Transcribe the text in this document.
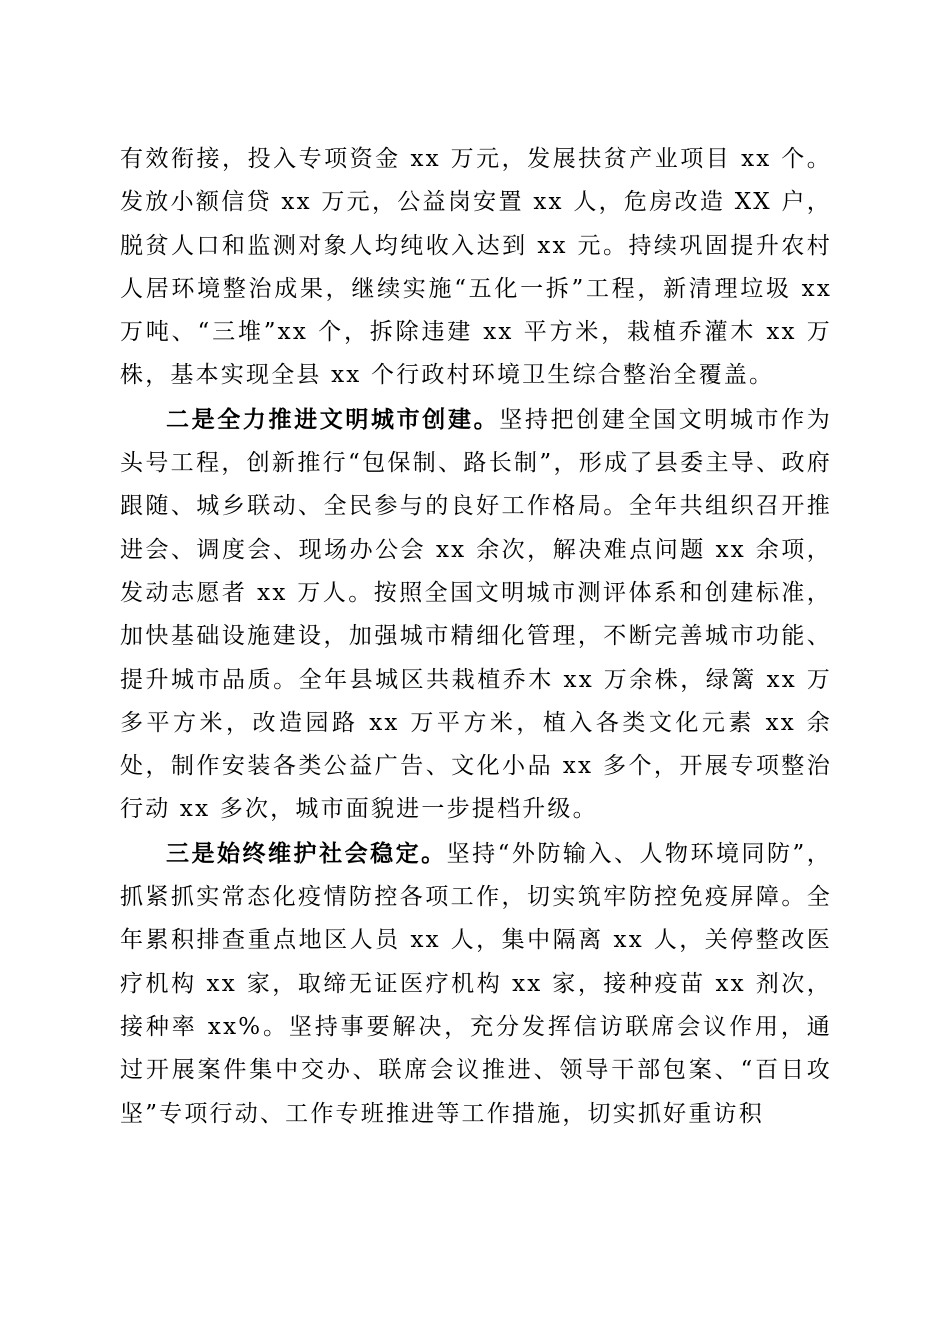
有效衔接，投入专项资金 xx 万元，发展扶贫产业项目 xx 个。发放小额信贷 xx 万元，公益岗安置 xx 人，危房改造 XX 户，脱贫人口和监测对象人均纯收入达到 xx 元。持续巩固提升农村人居环境整治成果，继续实施“五化一拆”工程，新清理垃圾 xx 万吨、“三堆”xx 个，拆除违建 xx 平方米，栽植乔灌木 xx 万株，基本实现全县 xx 个行政村环境卫生综合整治全覆盖。

二是全力推进文明城市创建。坚持把创建全国文明城市作为头号工程，创新推行“包保制、路长制”，形成了县委主导、政府跟随、城乡联动、全民参与的良好工作格局。全年共组织召开推进会、调度会、现场办公会 xx 余次，解决难点问题 xx 余项，发动志愿者 xx 万人。按照全国文明城市测评体系和创建标准，加快基础设施建设，加强城市精细化管理，不断完善城市功能、提升城市品质。全年县城区共栽植乔木 xx 万余株，绿篱 xx 万多平方米，改造园路 xx 万平方米，植入各类文化元素 xx 余处，制作安装各类公益广告、文化小品 xx 多个，开展专项整治行动 xx 多次，城市面貌进一步提档升级。

三是始终维护社会稳定。坚持“外防输入、人物环境同防”，抓紧抓实常态化疫情防控各项工作，切实筑牢防控免疫屏障。全年累积排查重点地区人员 xx 人，集中隔离 xx 人，关停整改医疗机构 xx 家，取缔无证医疗机构 xx 家，接种疫苗 xx 剂次，接种率 xx%。坚持事要解决，充分发挥信访联席会议作用，通过开展案件集中交办、联席会议推进、领导干部包案、“百日攻坚”专项行动、工作专班推进等工作措施，切实抓好重访积
